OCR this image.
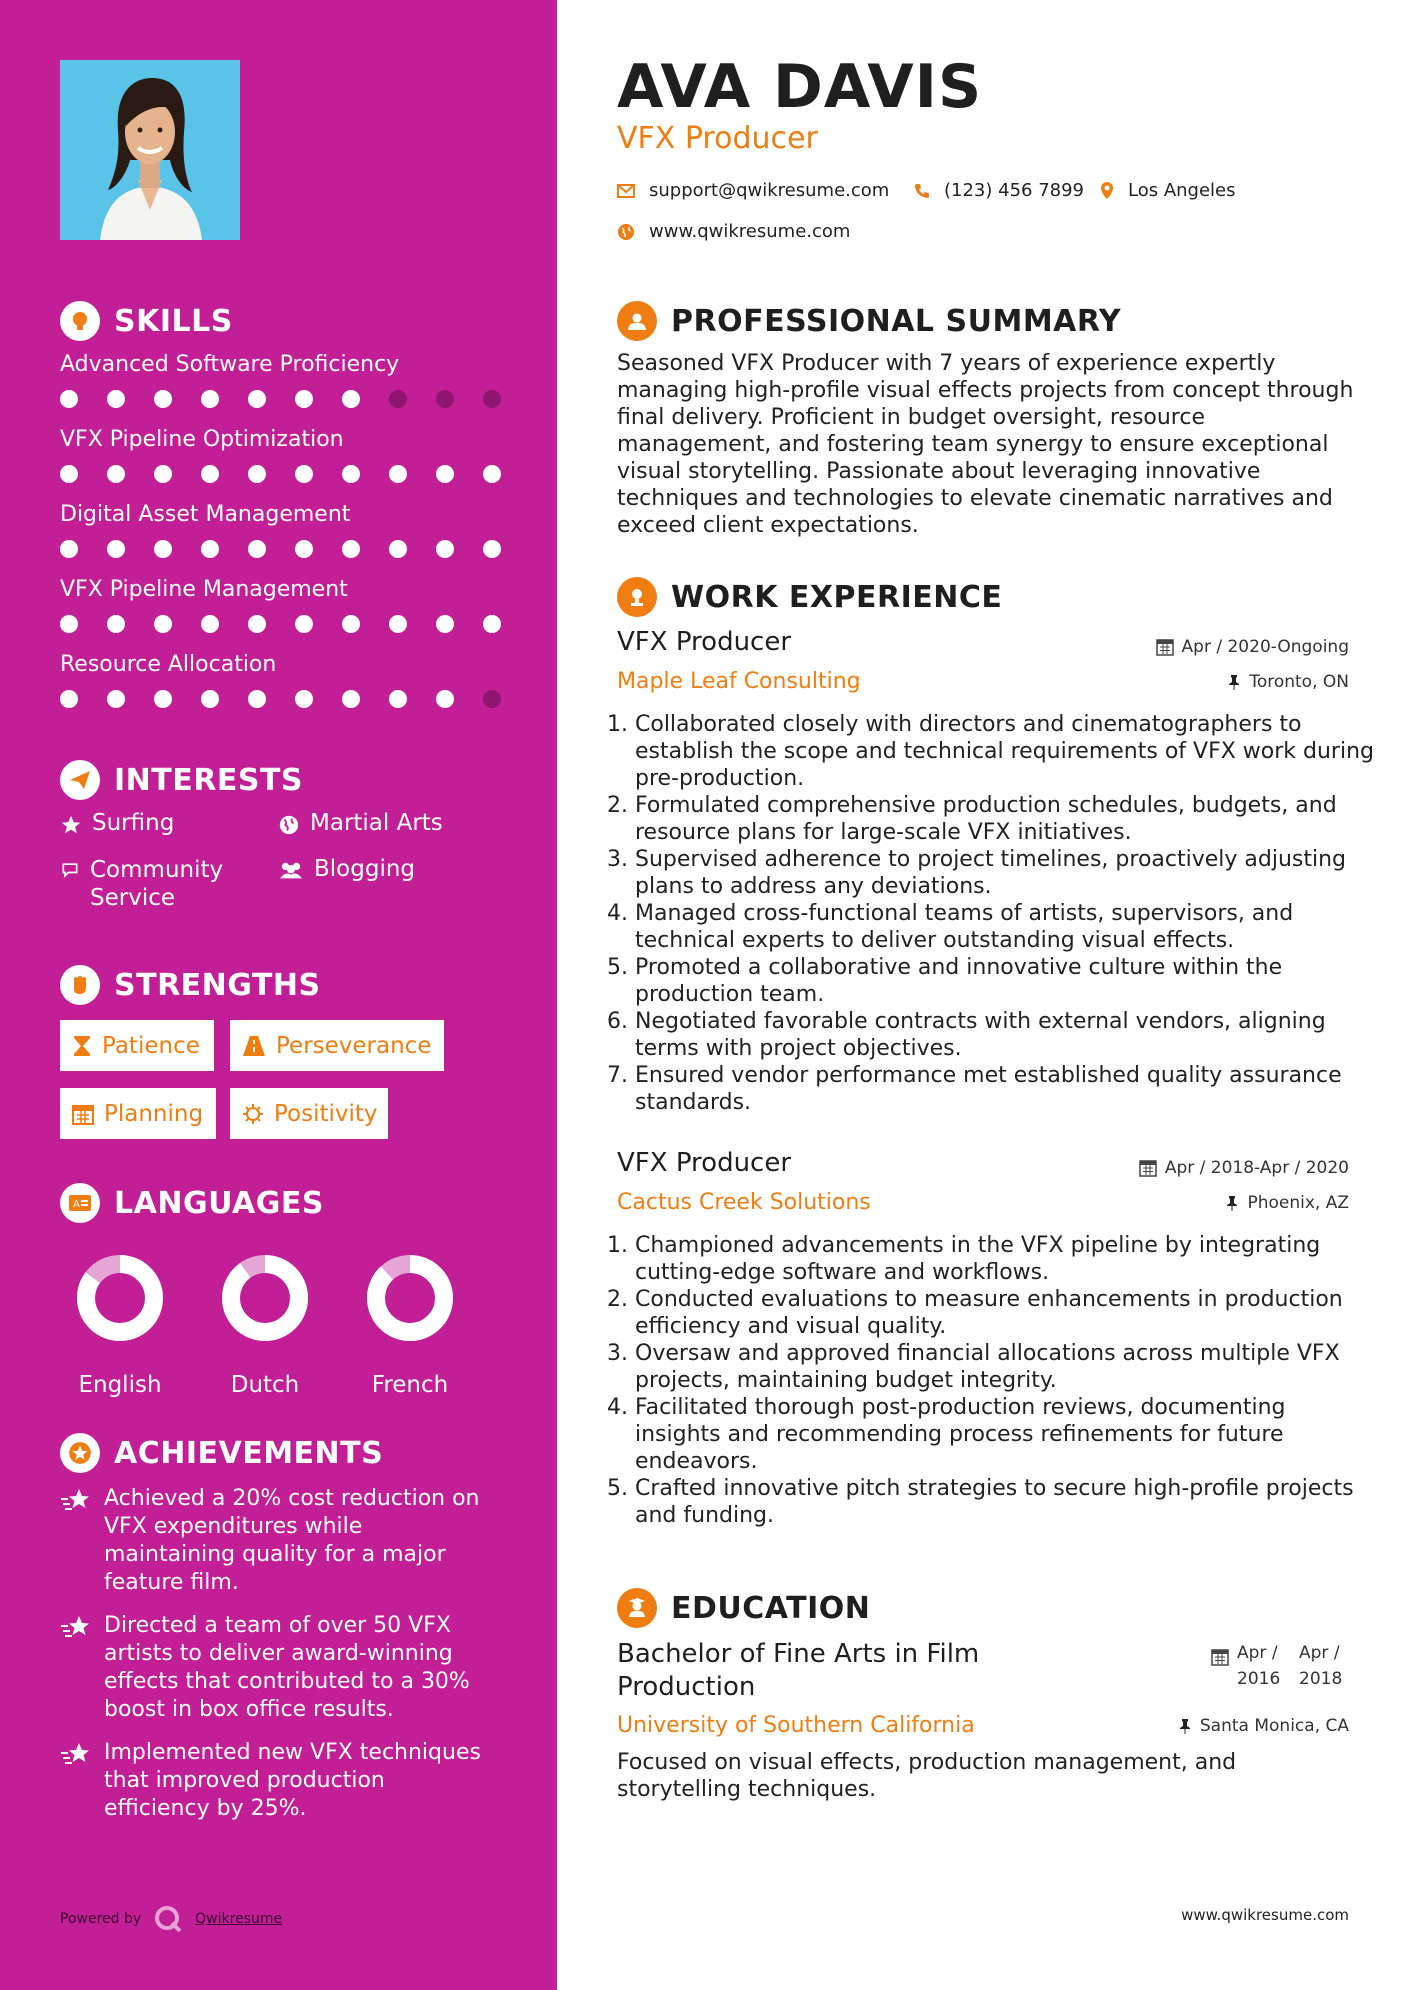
SKILLS
Advanced Software Proficiency
VFX Pipeline Optimization
Digital Asset Management
VFX Pipeline Management
Resource Allocation
INTERESTS
Surfing	Martial Arts
Community Service
Blogging
STRENGTHS
Patience	Perseverance
Planning	Positivity
A LANGUAGES
English	Dutch	French
ACHIEVEMENTS
Achieved a 20% cost reduction on VFX expenditures while maintaining quality for a major feature film.
Directed a team of over 50 VFX artists to deliver award-winning effects that contributed to a 30% boost in box office results.
Implemented new VFX techniques that improved production efficiency by 25%.
Powered by	Qwikresume
AVA DAVIS
VFX Producer
support@qwikresume.com	(123) 456 7899 Los Angeles
www.qwikresume.com
PROFESSIONAL SUMMARY
Seasoned VFX Producer with 7 years of experience expertly managing high-profile visual effects projects from concept through final delivery. Proficient in budget oversight, resource management, and fostering team synergy to ensure exceptional visual storytelling. Passionate about leveraging innovative techniques and technologies to elevate cinematic narratives and exceed client expectations.
WORK EXPERIENCE
VFX Producer	Apr / 2020-Ongoing
Maple Leaf Consulting	Toronto, ON
1. Collaborated closely with directors and cinematographers to establish the scope and technical requirements of VFX work during pre-production.
2. Formulated comprehensive production schedules, budgets, and resource plans for large-scale VFX initiatives.
3. Supervised adherence to project timelines, proactively adjusting plans to address any deviations.
4. Managed cross-functional teams of artists, supervisors, and technical experts to deliver outstanding visual effects.
5. Promoted a collaborative and innovative culture within the production team.
6. Negotiated favorable contracts with external vendors, aligning terms with project objectives.
7. Ensured vendor performance met established quality assurance standards.
VFX Producer	Apr / 2018-Apr / 2020
Cactus Creek Solutions	Phoenix, AZ
1. Championed advancements in the VFX pipeline by integrating cutting-edge software and workflows.
2. Conducted evaluations to measure enhancements in production efficiency and visual quality.
3. Oversaw and approved financial allocations across multiple VFX projects, maintaining budget integrity.
4. Facilitated thorough post-production reviews, documenting insights and recommending process refinements for future endeavors.
5. Crafted innovative pitch strategies to secure high-profile projects and funding.
EDUCATION
Bachelor of Fine Arts in Film Production
Apr / 2016
Apr / 2018
University of Southern California	Santa Monica, CA
Focused on visual effects, production management, and storytelling techniques.
www.qwikresume.com
